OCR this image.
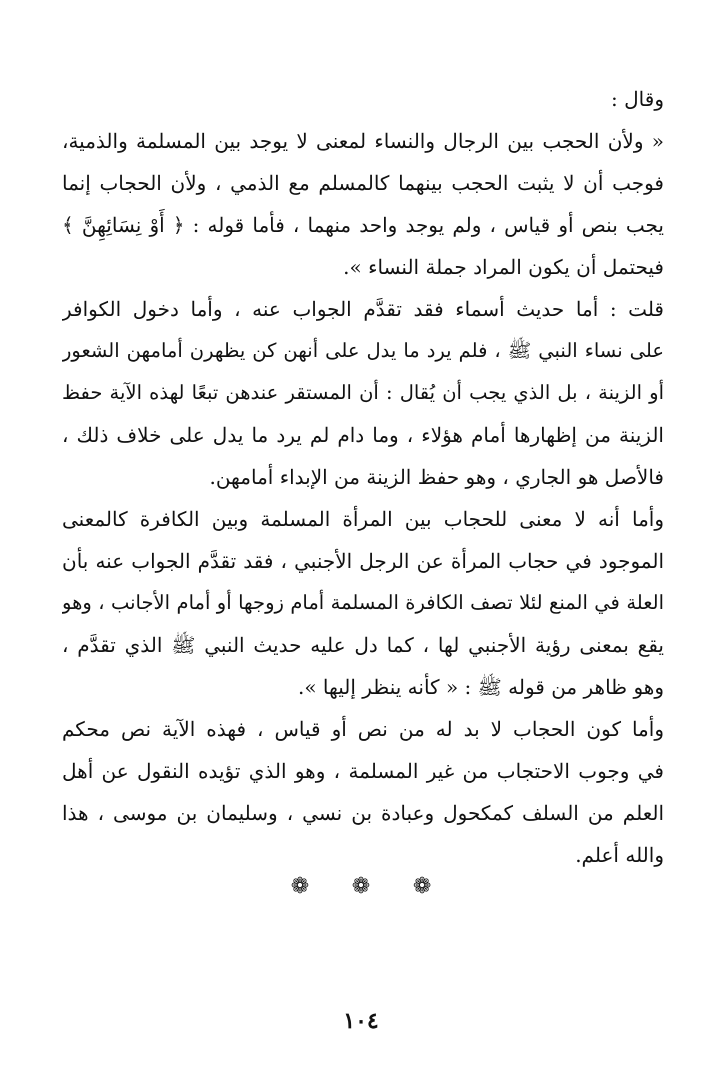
وقال :
« ولأن الحجب بين الرجال والنساء لمعنى لا يوجد بين المسلمة والذمية،
فوجب أن لا يثبت الحجب بينهما كالمسلم مع الذمي ، ولأن الحجاب إنما
يجب بنص أو قياس ، ولم يوجد واحد منهما ، فأما قوله : ﴿ أَوْ نِسَائِهِنَّ ﴾
فيحتمل أن يكون المراد جملة النساء ».
قلت : أما حديث أسماء فقد تقدَّم الجواب عنه ، وأما دخول الكوافر
على نساء النبي ﷺ ، فلم يرد ما يدل على أنهن كن يظهرن أمامهن الشعور
أو الزينة ، بل الذي يجب أن يُقال : أن المستقر عندهن تبعًا لهذه الآية حفظ
الزينة من إظهارها أمام هؤلاء ، وما دام لم يرد ما يدل على خلاف ذلك ،
فالأصل هو الجاري ، وهو حفظ الزينة من الإبداء أمامهن.
وأما أنه لا معنى للحجاب بين المرأة المسلمة وبين الكافرة كالمعنى
الموجود في حجاب المرأة عن الرجل الأجنبي ، فقد تقدَّم الجواب عنه بأن
العلة في المنع لئلا تصف الكافرة المسلمة أمام زوجها أو أمام الأجانب ، وهو
يقع بمعنى رؤية الأجنبي لها ، كما دل عليه حديث النبي ﷺ الذي تقدَّم ،
وهو ظاهر من قوله ﷺ : « كأنه ينظر إليها ».
وأما كون الحجاب لا بد له من نص أو قياس ، فهذه الآية نص محكم
في وجوب الاحتجاب من غير المسلمة ، وهو الذي تؤيده النقول عن أهل
العلم من السلف كمكحول وعبادة بن نسي ، وسليمان بن موسى ، هذا
والله أعلم.
❁ ❁ ❁
١٠٤
